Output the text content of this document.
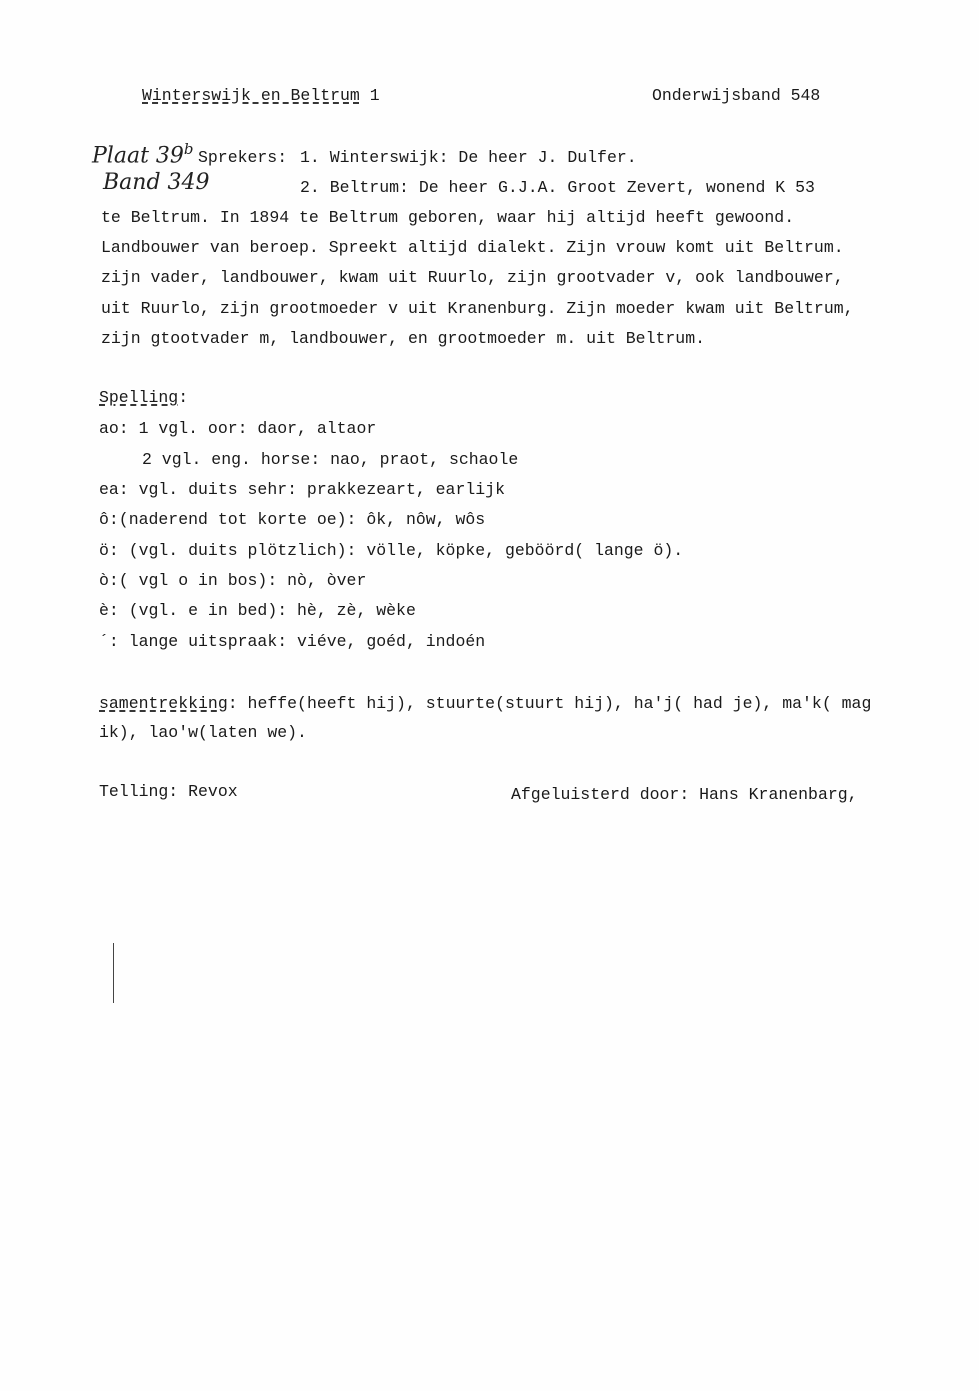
Winterswijk en Beltrum 1	Onderwijsband 548
Plaat 39$^b$
Band 349
Sprekers: 1. Winterswijk: De heer J. Dulfer.
2. Beltrum: De heer G.J.A. Groot Zevert, wonend K 53
te Beltrum. In 1894 te Beltrum geboren, waar hij altijd heeft gewoond.
Landbouwer van beroep. Spreekt altijd dialekt. Zijn vrouw komt uit Beltrum.
zijn vader, landbouwer, kwam uit Ruurlo, zijn grootvader v, ook landbouwer,
uit Ruurlo, zijn grootmoeder v uit Kranenburg. Zijn moeder kwam uit Beltrum,
zijn gtootvader m, landbouwer, en grootmoeder m. uit Beltrum.
Spelling:
ao: 1 vgl. oor: daor, altaor
2 vgl. eng. horse: nao, praot, schaole
ea: vgl. duits sehr: prakkezeart, earlijk
ô:(naderend tot korte oe): ôk, nôw, wôs
ö: (vgl. duits plötzlich): völle, köpke, geböörd( lange ö).
ò:( vgl o in bos): nò, òver
è: (vgl. e in bed): hè, zè, wèke
´: lange uitspraak: viéve, goéd, indoén
samentrekking: heffe(heeft hij), stuurte(stuurt hij), ha'j( had je), ma'k( mag
ik), lao'w(laten we).
Telling: Revox	Afgeluisterd door: Hans Kranenbarg,
